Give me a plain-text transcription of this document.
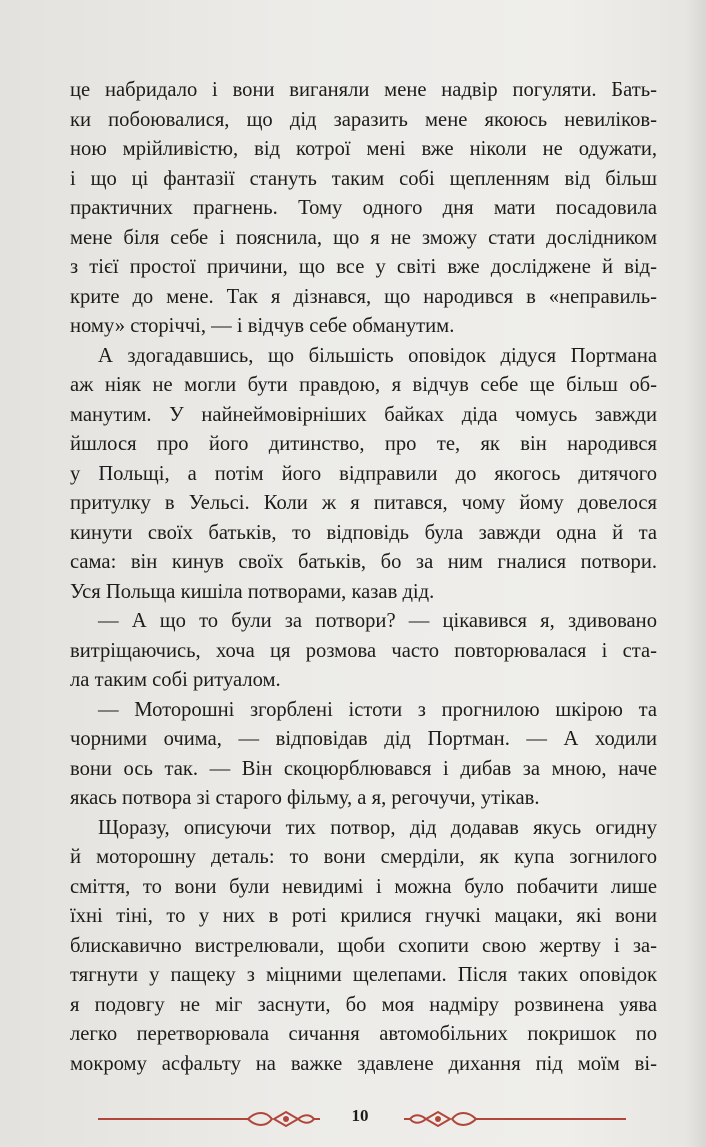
це набридало і вони виганяли мене надвір погуляти. Бать-
ки побоювалися, що дід заразить мене якоюсь невиліков-
ною мрійливістю, від котрої мені вже ніколи не одужати,
і що ці фантазії стануть таким собі щепленням від більш
практичних прагнень. Тому одного дня мати посадовила
мене біля себе і пояснила, що я не зможу стати дослідником
з тієї простої причини, що все у світі вже досліджене й від-
крите до мене. Так я дізнався, що народився в «неправиль-
ному» сторіччі, — і відчув себе обманутим.
А здогадавшись, що більшість оповідок дідуся Портмана
аж ніяк не могли бути правдою, я відчув себе ще більш об-
манутим. У найнеймовірніших байках діда чомусь завжди
йшлося про його дитинство, про те, як він народився
у Польщі, а потім його відправили до якогось дитячого
притулку в Уельсі. Коли ж я питався, чому йому довелося
кинути своїх батьків, то відповідь була завжди одна й та
сама: він кинув своїх батьків, бо за ним гналися потвори.
Уся Польща кишіла потворами, казав дід.
— А що то були за потвори? — цікавився я, здивовано
витріщаючись, хоча ця розмова часто повторювалася і ста-
ла таким собі ритуалом.
— Моторошні згорблені істоти з прогнилою шкірою та
чорними очима, — відповідав дід Портман. — А ходили
вони ось так. — Він скоцюрблювався і дибав за мною, наче
якась потвора зі старого фільму, а я, регочучи, утікав.
Щоразу, описуючи тих потвор, дід додавав якусь огидну
й моторошну деталь: то вони смерділи, як купа зогнилого
сміття, то вони були невидимі і можна було побачити лише
їхні тіні, то у них в роті крилися гнучкі мацаки, які вони
блискавично вистрелювали, щоби схопити свою жертву і за-
тягнути у пащеку з міцними щелепами. Після таких оповідок
я подовгу не міг заснути, бо моя надміру розвинена уява
легко перетворювала сичання автомобільних покришок по
мокрому асфальту на важке здавлене дихання під моїм ві-
10
